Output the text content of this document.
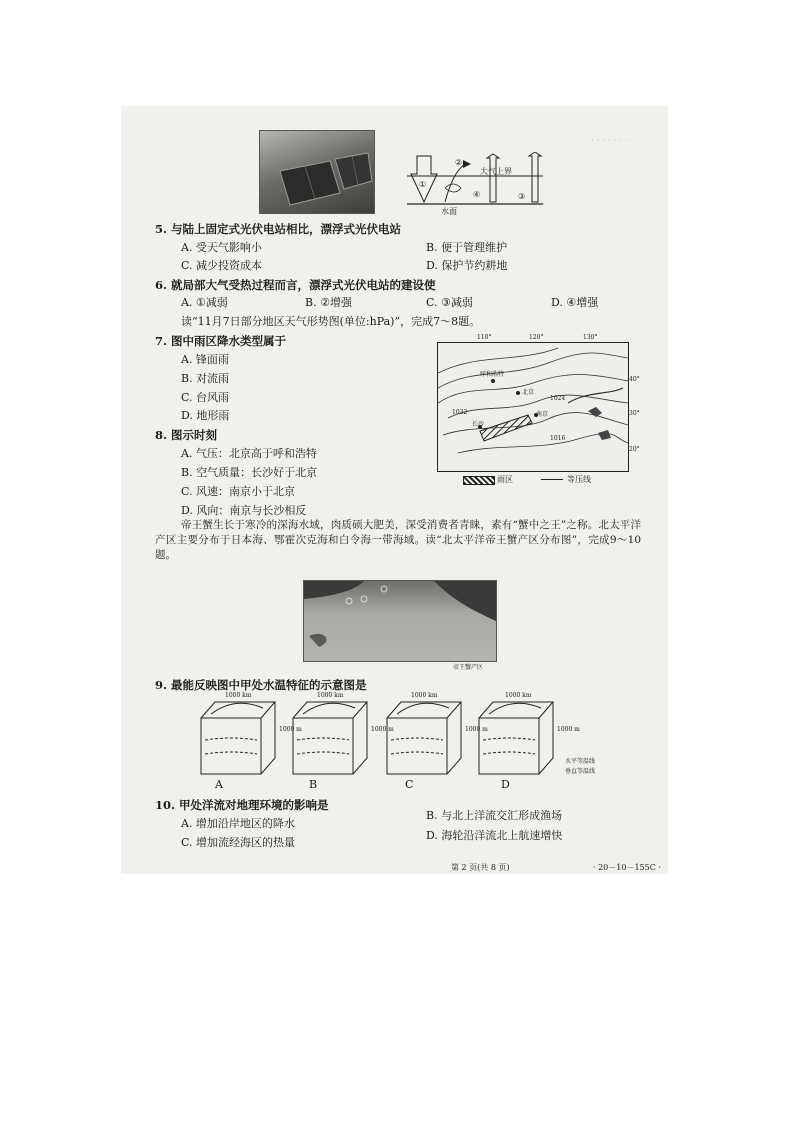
· · · · · · ·
大气上界
水面
①
②
③
④
5. 与陆上固定式光伏电站相比，漂浮式光伏电站
A. 受天气影响小	B. 便于管理维护
C. 减少投资成本	D. 保护节约耕地
6. 就局部大气受热过程而言，漂浮式光伏电站的建设使
A. ①减弱	B. ②增强	C. ③减弱	D. ④增强
读“11月7日部分地区天气形势图(单位:hPa)”，完成7～8题。
7. 图中雨区降水类型属于
A. 锋面雨
B. 对流雨
C. 台风雨
D. 地形雨
8. 图示时刻
A. 气压：北京高于呼和浩特
B. 空气质量：长沙好于北京
C. 风速：南京小于北京
D. 风向：南京与长沙相反
呼和浩特
北京
长沙
南京
1032
1024
1016
110°	120°	130°
40°
30°
20°
雨区	等压线
帝王蟹生长于寒冷的深海水域，肉质硕大肥美，深受消费者青睐，素有“蟹中之王”之称。北太平洋产区主要分布于日本海、鄂霍次克海和白令海一带海域。读“北太平洋帝王蟹产区分布图”，完成9～10题。
帝王蟹产区
9. 最能反映图中甲处水温特征的示意图是
1000 km	1000 km	1000 km	1000 km
1000 m	1000 m	1000 m	1000 m
A	B	C	D
水平等温线
垂直等温线
10. 甲处洋流对地理环境的影响是
A. 增加沿岸地区的降水
B. 与北上洋流交汇形成渔场
C. 增加流经海区的热量
D. 海轮沿洋流北上航速增快
第 2 页(共 8 页)	· 20－10－155C ·
